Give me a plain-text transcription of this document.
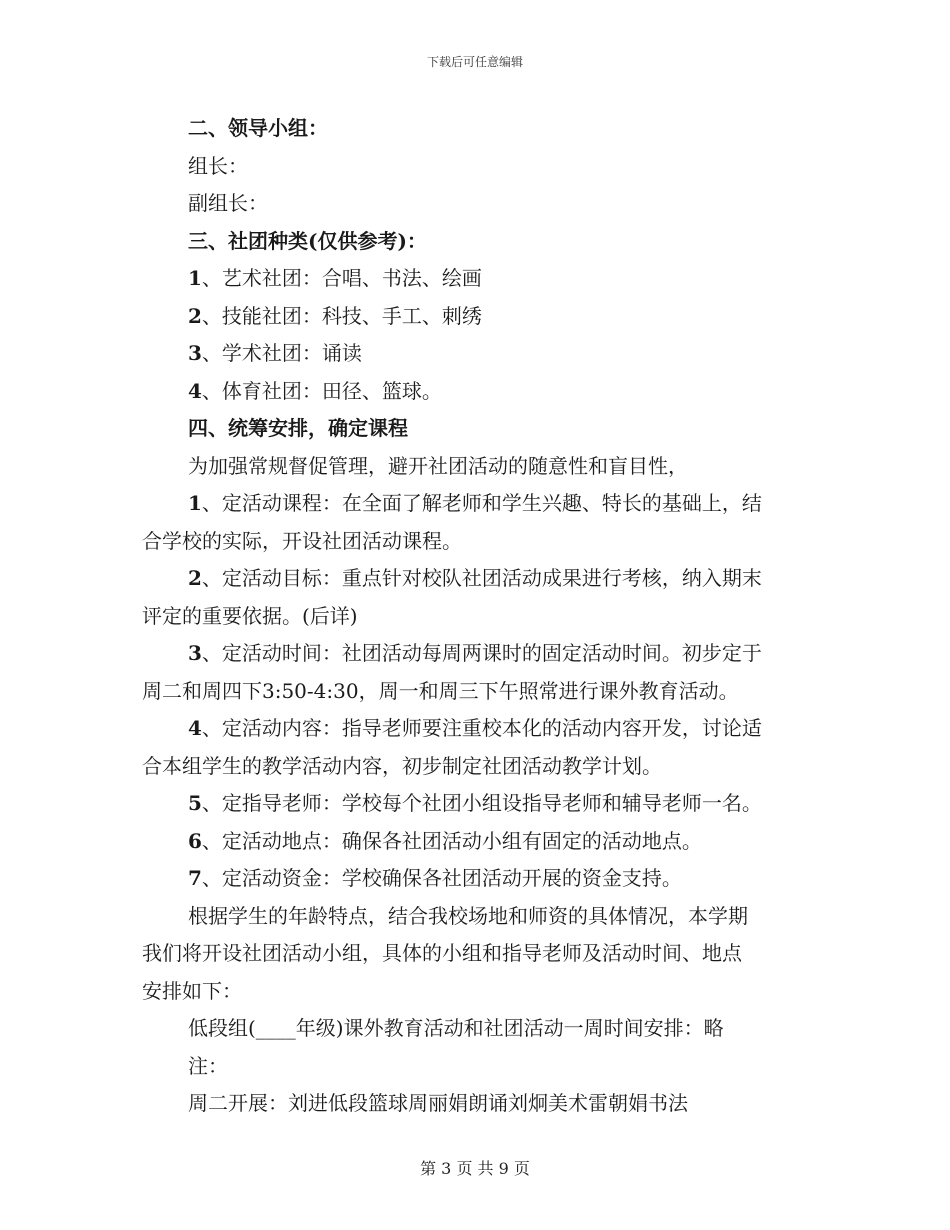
下载后可任意编辑
二、领导小组：
组长：
副组长：
三、社团种类(仅供参考)：
1、艺术社团：合唱、书法、绘画
2、技能社团：科技、手工、刺绣
3、学术社团：诵读
4、体育社团：田径、篮球。
四、统筹安排，确定课程
为加强常规督促管理，避开社团活动的随意性和盲目性，
1、定活动课程：在全面了解老师和学生兴趣、特长的基础上，结
合学校的实际，开设社团活动课程。
2、定活动目标：重点针对校队社团活动成果进行考核，纳入期末
评定的重要依据。(后详)
3、定活动时间：社团活动每周两课时的固定活动时间。初步定于
周二和周四下3:50-4:30，周一和周三下午照常进行课外教育活动。
4、定活动内容：指导老师要注重校本化的活动内容开发，讨论适
合本组学生的教学活动内容，初步制定社团活动教学计划。
5、定指导老师：学校每个社团小组设指导老师和辅导老师一名。
6、定活动地点：确保各社团活动小组有固定的活动地点。
7、定活动资金：学校确保各社团活动开展的资金支持。
根据学生的年龄特点，结合我校场地和师资的具体情况，本学期
我们将开设社团活动小组，具体的小组和指导老师及活动时间、地点
安排如下：
低段组(____年级)课外教育活动和社团活动一周时间安排：略
注：
周二开展：刘进低段篮球周丽娟朗诵刘炯美术雷朝娟书法
第 3 页 共 9 页
